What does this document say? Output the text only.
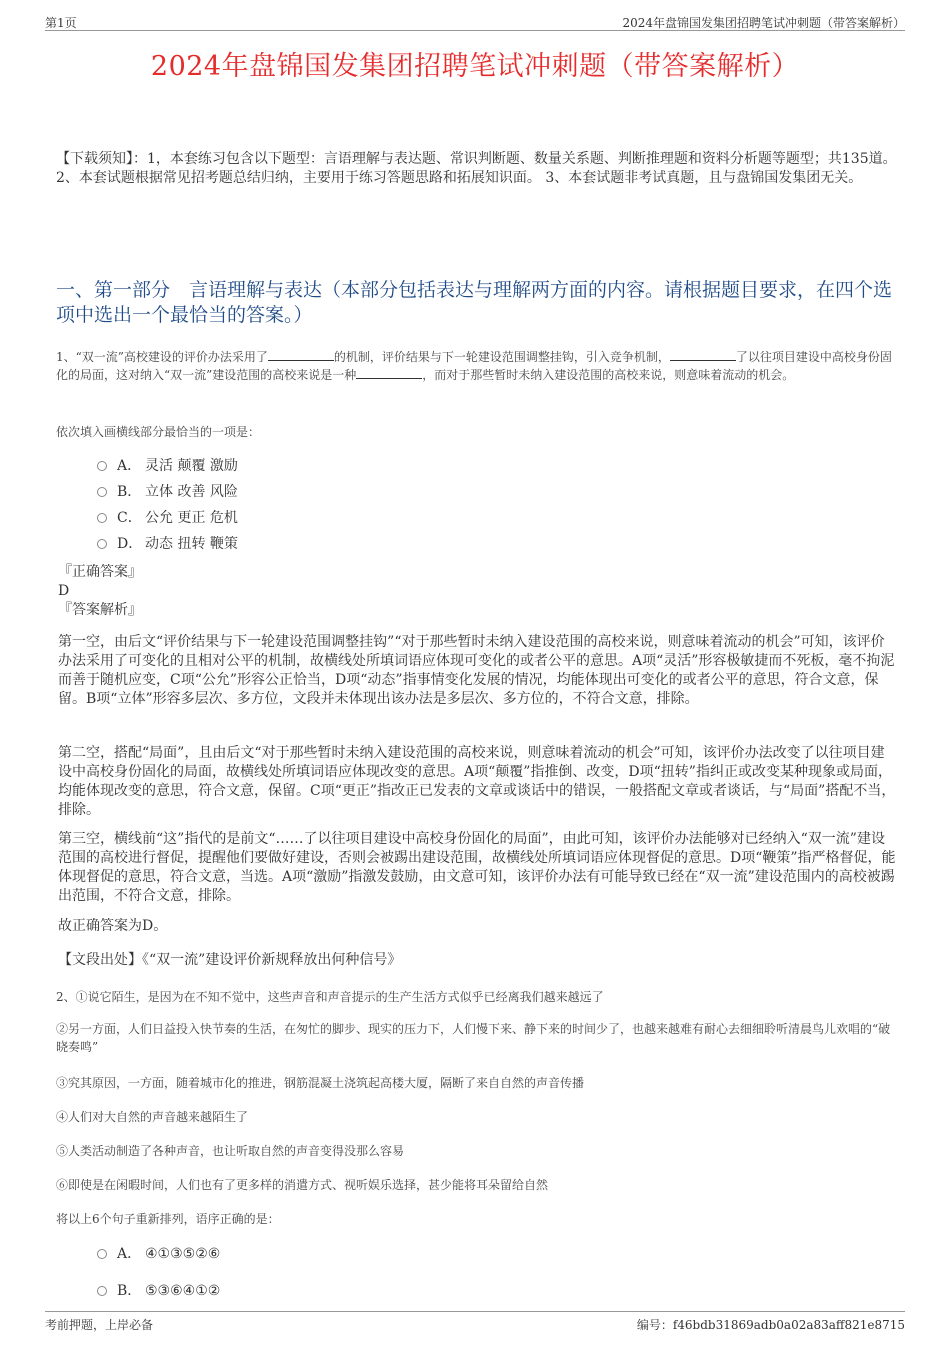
第1页	2024年盘锦国发集团招聘笔试冲刺题（带答案解析）
2024年盘锦国发集团招聘笔试冲刺题（带答案解析）
【下载须知】：1，本套练习包含以下题型：言语理解与表达题、常识判断题、数量关系题、判断推理题和资料分析题等题型；共135道。 2、本套试题根据常见招考题总结归纳，主要用于练习答题思路和拓展知识面。 3、本套试题非考试真题，且与盘锦国发集团无关。
一、第一部分　言语理解与表达（本部分包括表达与理解两方面的内容。请根据题目要求，在四个选项中选出一个最恰当的答案。）
1、“双一流”高校建设的评价办法采用了	的机制，评价结果与下一轮建设范围调整挂钩，引入竞争机制，	了以往项目建设中高校身份固化的局面，这对纳入“双一流”建设范围的高校来说是一种	，而对于那些暂时未纳入建设范围的高校来说，则意味着流动的机会。
依次填入画横线部分最恰当的一项是：
A． 灵活 颠覆 激励
B． 立体 改善 风险
C． 公允 更正 危机
D． 动态 扭转 鞭策
『正确答案』
D
『答案解析』
第一空，由后文“评价结果与下一轮建设范围调整挂钩”“对于那些暂时未纳入建设范围的高校来说，则意味着流动的机会”可知，该评价办法采用了可变化的且相对公平的机制，故横线处所填词语应体现可变化的或者公平的意思。A项“灵活”形容极敏捷而不死板，毫不拘泥而善于随机应变，C项“公允”形容公正恰当，D项“动态”指事情变化发展的情况，均能体现出可变化的或者公平的意思，符合文意，保留。B项“立体”形容多层次、多方位，文段并未体现出该办法是多层次、多方位的，不符合文意，排除。
第二空，搭配“局面”，且由后文“对于那些暂时未纳入建设范围的高校来说，则意味着流动的机会”可知，该评价办法改变了以往项目建设中高校身份固化的局面，故横线处所填词语应体现改变的意思。A项“颠覆”指推倒、改变，D项“扭转”指纠正或改变某种现象或局面，均能体现改变的意思，符合文意，保留。C项“更正”指改正已发表的文章或谈话中的错误，一般搭配文章或者谈话，与“局面”搭配不当，排除。
第三空，横线前“这”指代的是前文“……了以往项目建设中高校身份固化的局面”，由此可知，该评价办法能够对已经纳入“双一流”建设范围的高校进行督促，提醒他们要做好建设，否则会被踢出建设范围，故横线处所填词语应体现督促的意思。D项“鞭策”指严格督促，能体现督促的意思，符合文意，当选。A项“激励”指激发鼓励，由文意可知，该评价办法有可能导致已经在“双一流”建设范围内的高校被踢出范围，不符合文意，排除。
故正确答案为D。
【文段出处】《“双一流”建设评价新规释放出何种信号》
2、①说它陌生，是因为在不知不觉中，这些声音和声音提示的生产生活方式似乎已经离我们越来越远了
②另一方面，人们日益投入快节奏的生活，在匆忙的脚步、现实的压力下，人们慢下来、静下来的时间少了，也越来越难有耐心去细细聆听清晨鸟儿欢唱的“破晓奏鸣”
③究其原因，一方面，随着城市化的推进，钢筋混凝土浇筑起高楼大厦，隔断了来自自然的声音传播
④人们对大自然的声音越来越陌生了
⑤人类活动制造了各种声音，也让听取自然的声音变得没那么容易
⑥即使是在闲暇时间，人们也有了更多样的消遣方式、视听娱乐选择，甚少能将耳朵留给自然
将以上6个句子重新排列，语序正确的是：
A． ④①③⑤②⑥
B． ⑤③⑥④①②
考前押题，上岸必备	编号：f46bdb31869adb0a02a83aff821e8715
